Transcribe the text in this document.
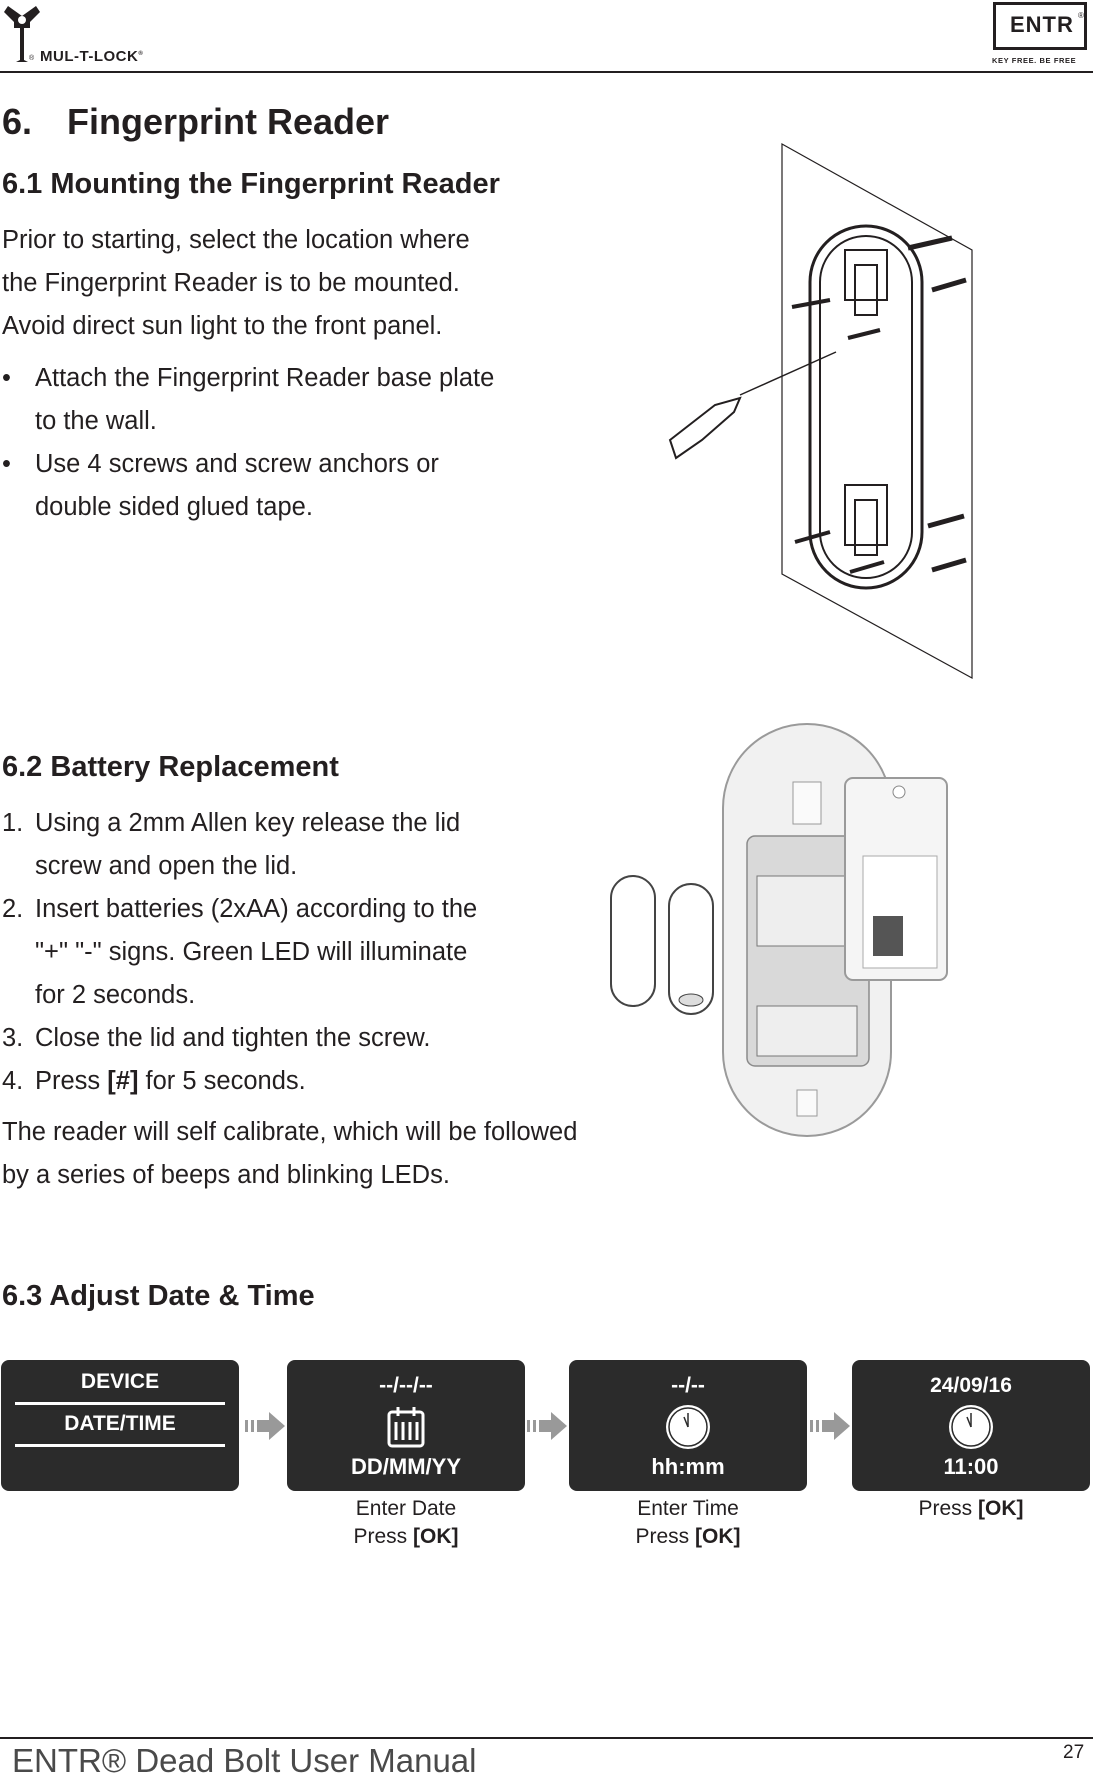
® MUL-T-LOCK®
ENTR ®
KEY FREE. BE FREE
6. Fingerprint Reader
6.1 Mounting the Fingerprint Reader
Prior to starting, select the location where
the Fingerprint Reader is to be mounted.
Avoid direct sun light to the front panel.
• Attach the Fingerprint Reader base plate
to the wall.
• Use 4 screws and screw anchors or
double sided glued tape.
6.2 Battery Replacement
1. Using a 2mm Allen key release the lid
screw and open the lid.
2. Insert batteries (2xAA) according to the
"+" "-" signs. Green LED will illuminate
for 2 seconds.
3. Close the lid and tighten the screw.
4. Press [#] for 5 seconds.
The reader will self calibrate, which will be followed
by a series of beeps and blinking LEDs.
6.3 Adjust Date & Time
DEVICE
DATE/TIME
--/--/--
DD/MM/YY
Enter Date
Press [OK]
--/--
hh:mm
Enter Time
Press [OK]
24/09/16
11:00
Press [OK]
ENTR® Dead Bolt User Manual	27
